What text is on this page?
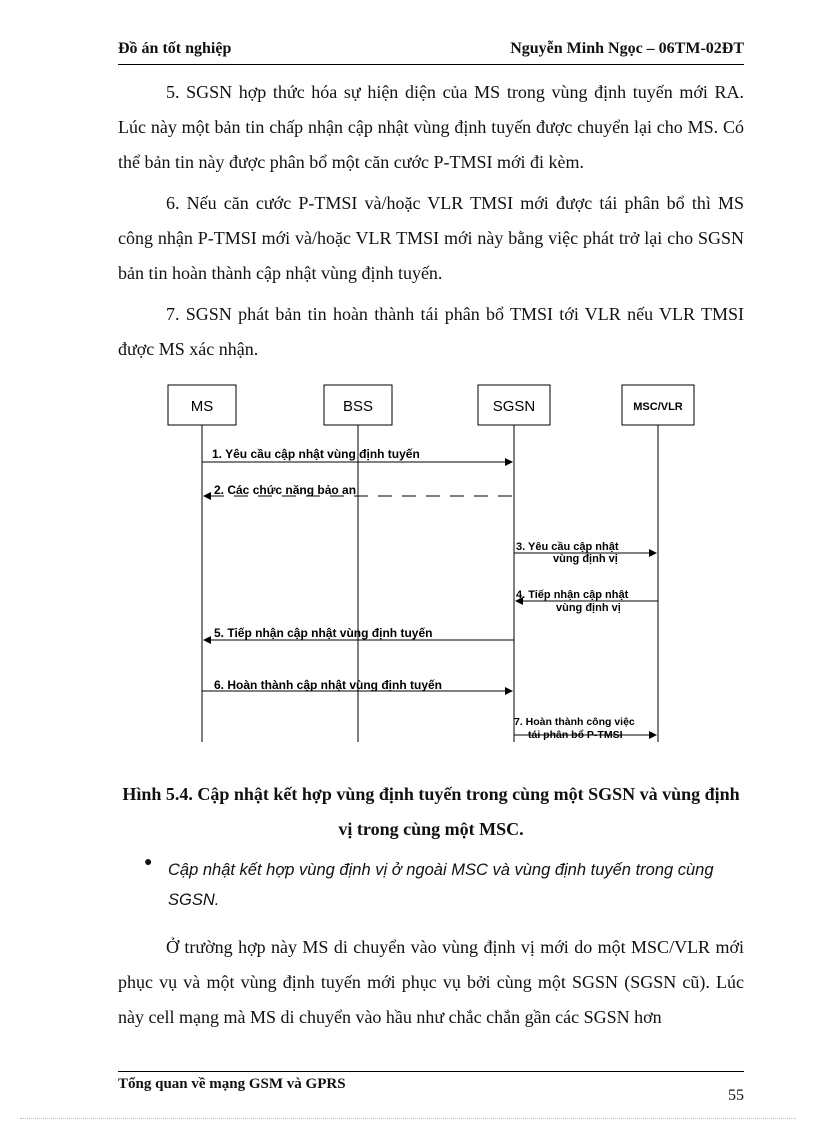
Đồ án tốt nghiệp	Nguyễn Minh Ngọc – 06TM-02ĐT

5. SGSN hợp thức hóa sự hiện diện của MS trong vùng định tuyến mới RA. Lúc này một bản tin chấp nhận cập nhật vùng định tuyến được chuyển lại cho MS. Có thể bản tin này được phân bổ một căn cước P-TMSI mới đi kèm.

6. Nếu căn cước P-TMSI và/hoặc VLR TMSI mới được tái phân bổ thì MS công nhận P-TMSI mới và/hoặc VLR TMSI mới này bằng việc phát trở lại cho SGSN bản tin hoàn thành cập nhật vùng định tuyến.

7. SGSN phát bản tin hoàn thành tái phân bổ TMSI tới VLR nếu VLR TMSI được MS xác nhận.

MS	BSS	SGSN	MSC/VLR
1. Yêu cầu cập nhật vùng định tuyến
2. Các chức năng bảo an
3. Yêu cầu cập nhật
vùng định vị
4. Tiếp nhận cập nhật
vùng định vị
5. Tiếp nhận cập nhật vùng định tuyến
6. Hoàn thành cập nhật vùng định tuyến
7. Hoàn thành công việc
tái phân bổ P-TMSI

Hình 5.4. Cập nhật kết hợp vùng định tuyến trong cùng một SGSN và vùng định vị trong cùng một MSC.

● Cập nhật kết hợp vùng định vị ở ngoài MSC và vùng định tuyến trong cùng SGSN.

Ở trường hợp này MS di chuyển vào vùng định vị mới do một MSC/VLR mới phục vụ và một vùng định tuyến mới phục vụ bởi cùng một SGSN (SGSN cũ). Lúc này cell mạng mà MS di chuyển vào hầu như chắc chắn gần các SGSN hơn

Tổng quan về mạng GSM và GPRS
55
